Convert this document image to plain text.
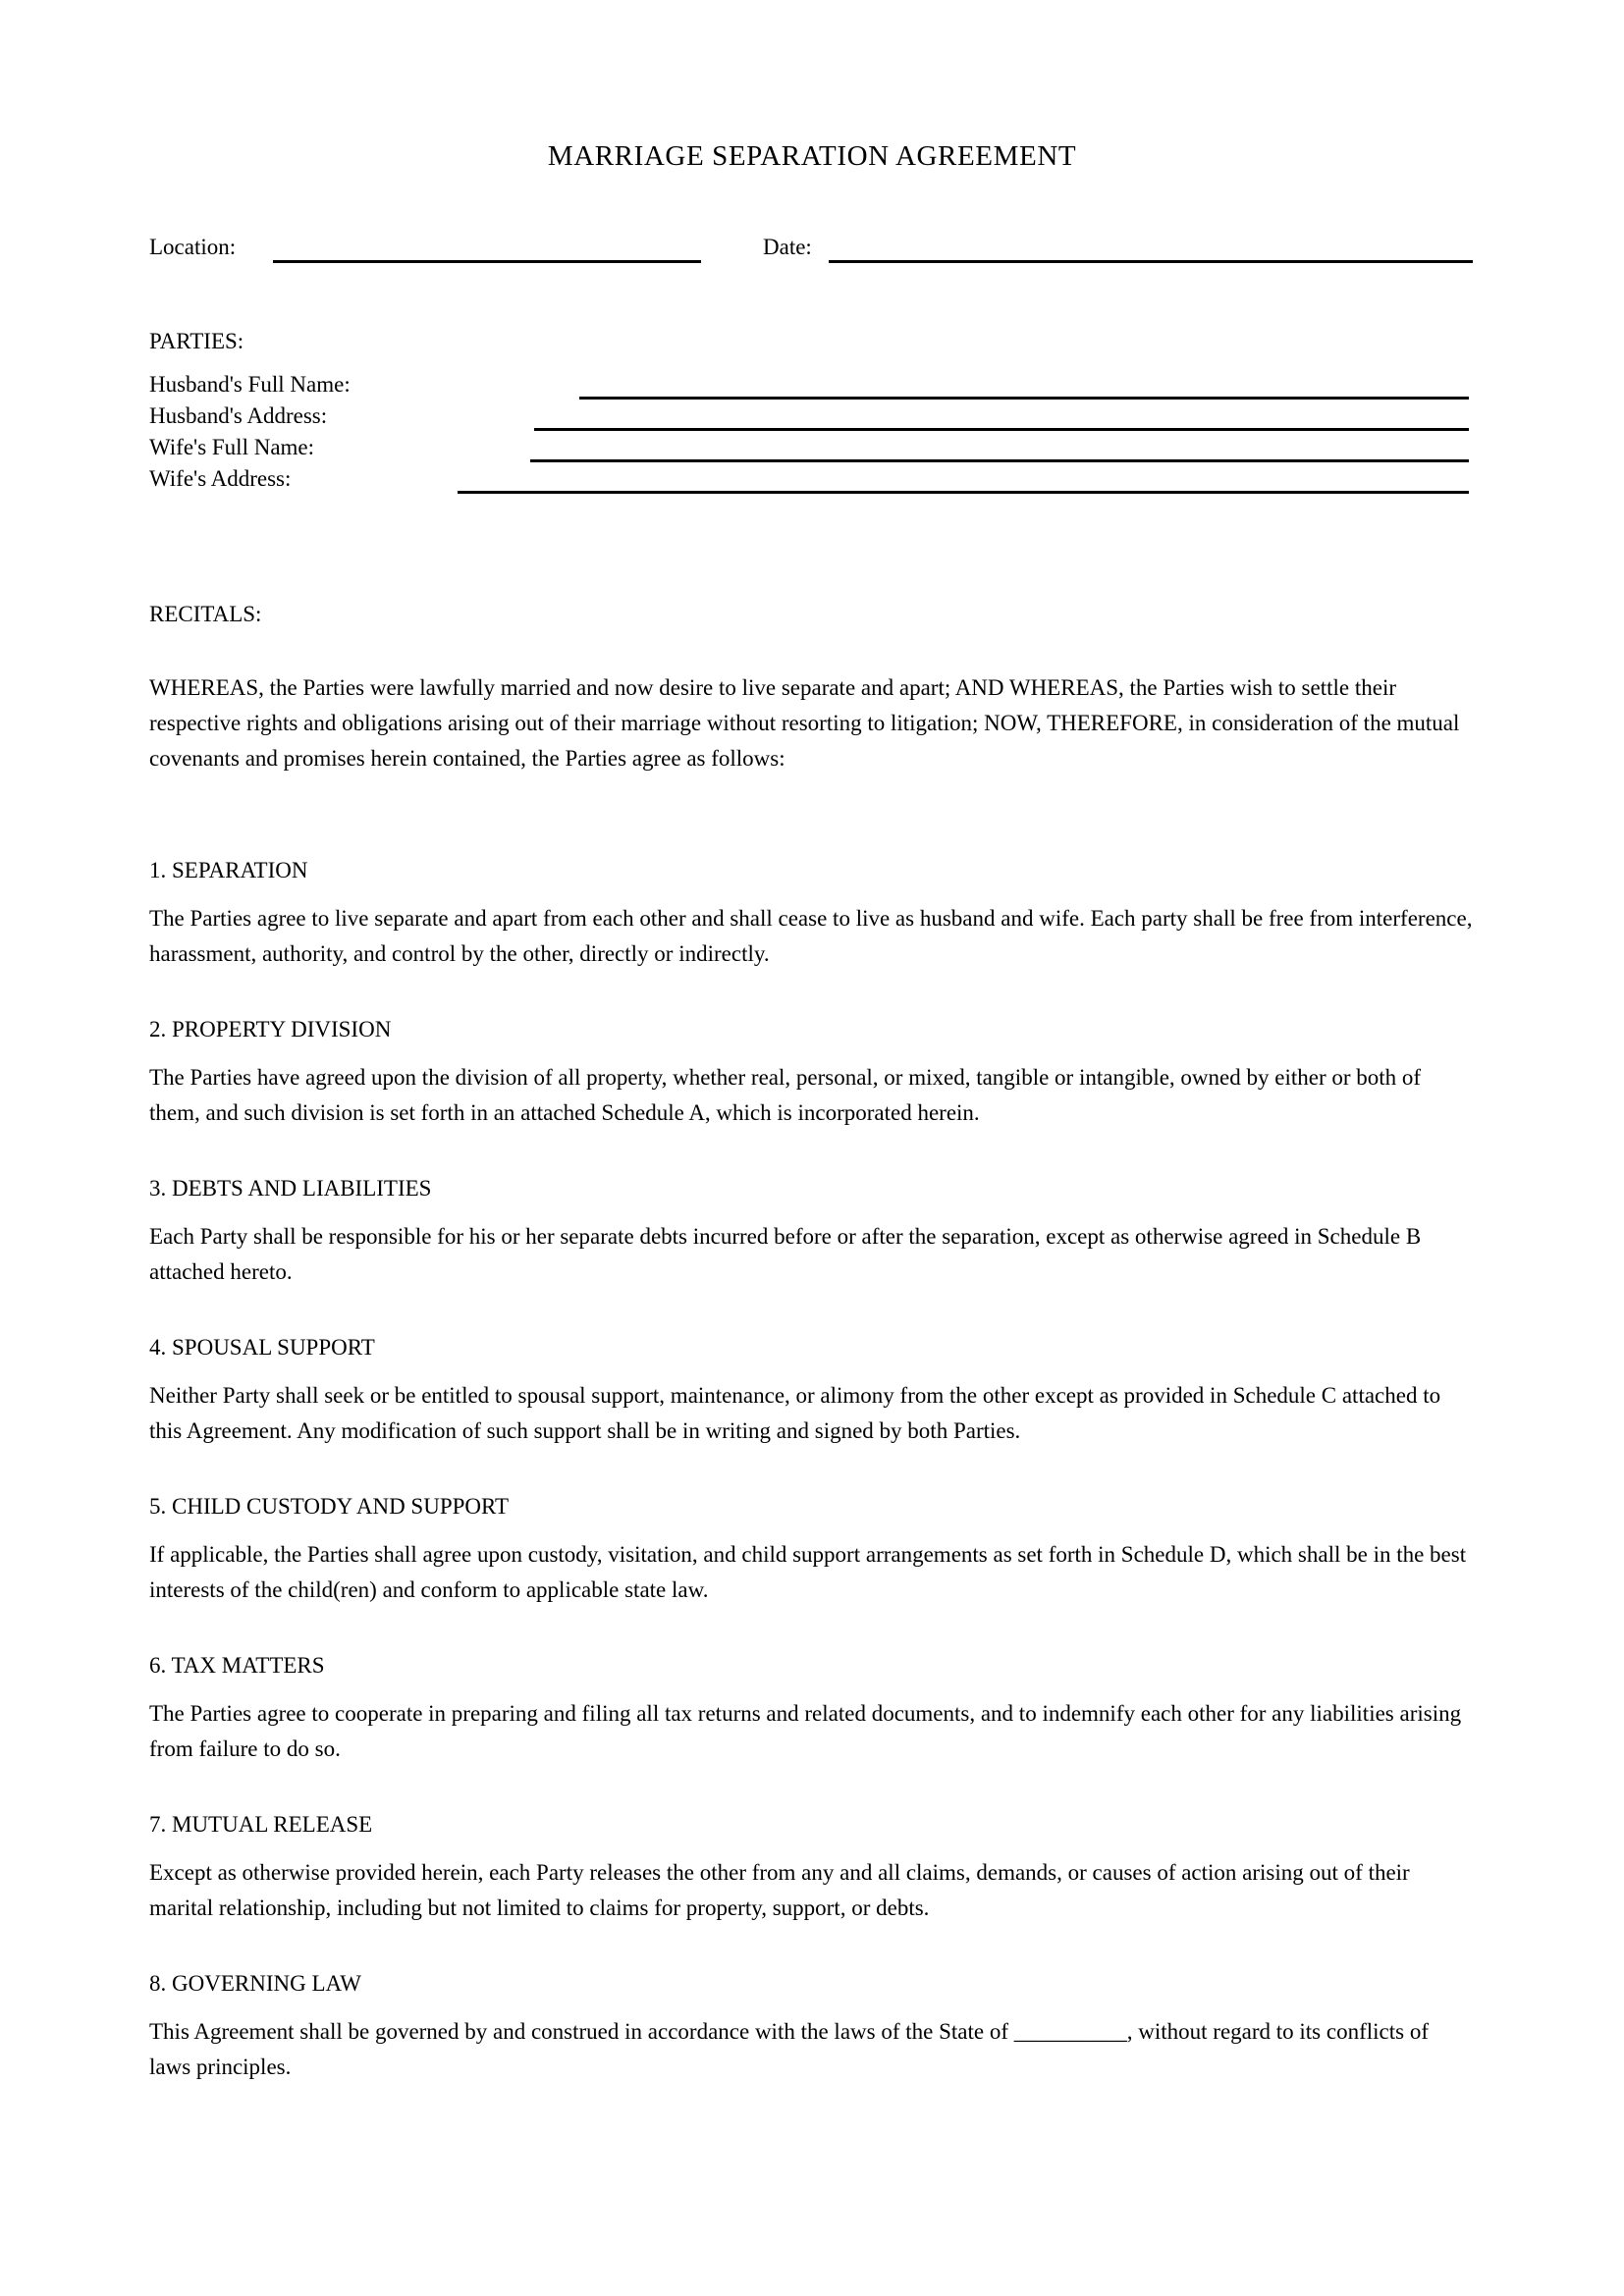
MARRIAGE SEPARATION AGREEMENT
Location:	Date:
PARTIES:
Husband's Full Name:
Husband's Address:
Wife's Full Name:
Wife's Address:
RECITALS:

WHEREAS, the Parties were lawfully married and now desire to live separate and apart; AND WHEREAS, the Parties wish to settle their respective rights and obligations arising out of their marriage without resorting to litigation; NOW, THEREFORE, in consideration of the mutual covenants and promises herein contained, the Parties agree as follows:

1. SEPARATION

The Parties agree to live separate and apart from each other and shall cease to live as husband and wife. Each party shall be free from interference, harassment, authority, and control by the other, directly or indirectly.

2. PROPERTY DIVISION

The Parties have agreed upon the division of all property, whether real, personal, or mixed, tangible or intangible, owned by either or both of them, and such division is set forth in an attached Schedule A, which is incorporated herein.

3. DEBTS AND LIABILITIES

Each Party shall be responsible for his or her separate debts incurred before or after the separation, except as otherwise agreed in Schedule B attached hereto.

4. SPOUSAL SUPPORT

Neither Party shall seek or be entitled to spousal support, maintenance, or alimony from the other except as provided in Schedule C attached to this Agreement. Any modification of such support shall be in writing and signed by both Parties.

5. CHILD CUSTODY AND SUPPORT

If applicable, the Parties shall agree upon custody, visitation, and child support arrangements as set forth in Schedule D, which shall be in the best interests of the child(ren) and conform to applicable state law.

6. TAX MATTERS

The Parties agree to cooperate in preparing and filing all tax returns and related documents, and to indemnify each other for any liabilities arising from failure to do so.

7. MUTUAL RELEASE

Except as otherwise provided herein, each Party releases the other from any and all claims, demands, or causes of action arising out of their marital relationship, including but not limited to claims for property, support, or debts.

8. GOVERNING LAW

This Agreement shall be governed by and construed in accordance with the laws of the State of __________, without regard to its conflicts of laws principles.
